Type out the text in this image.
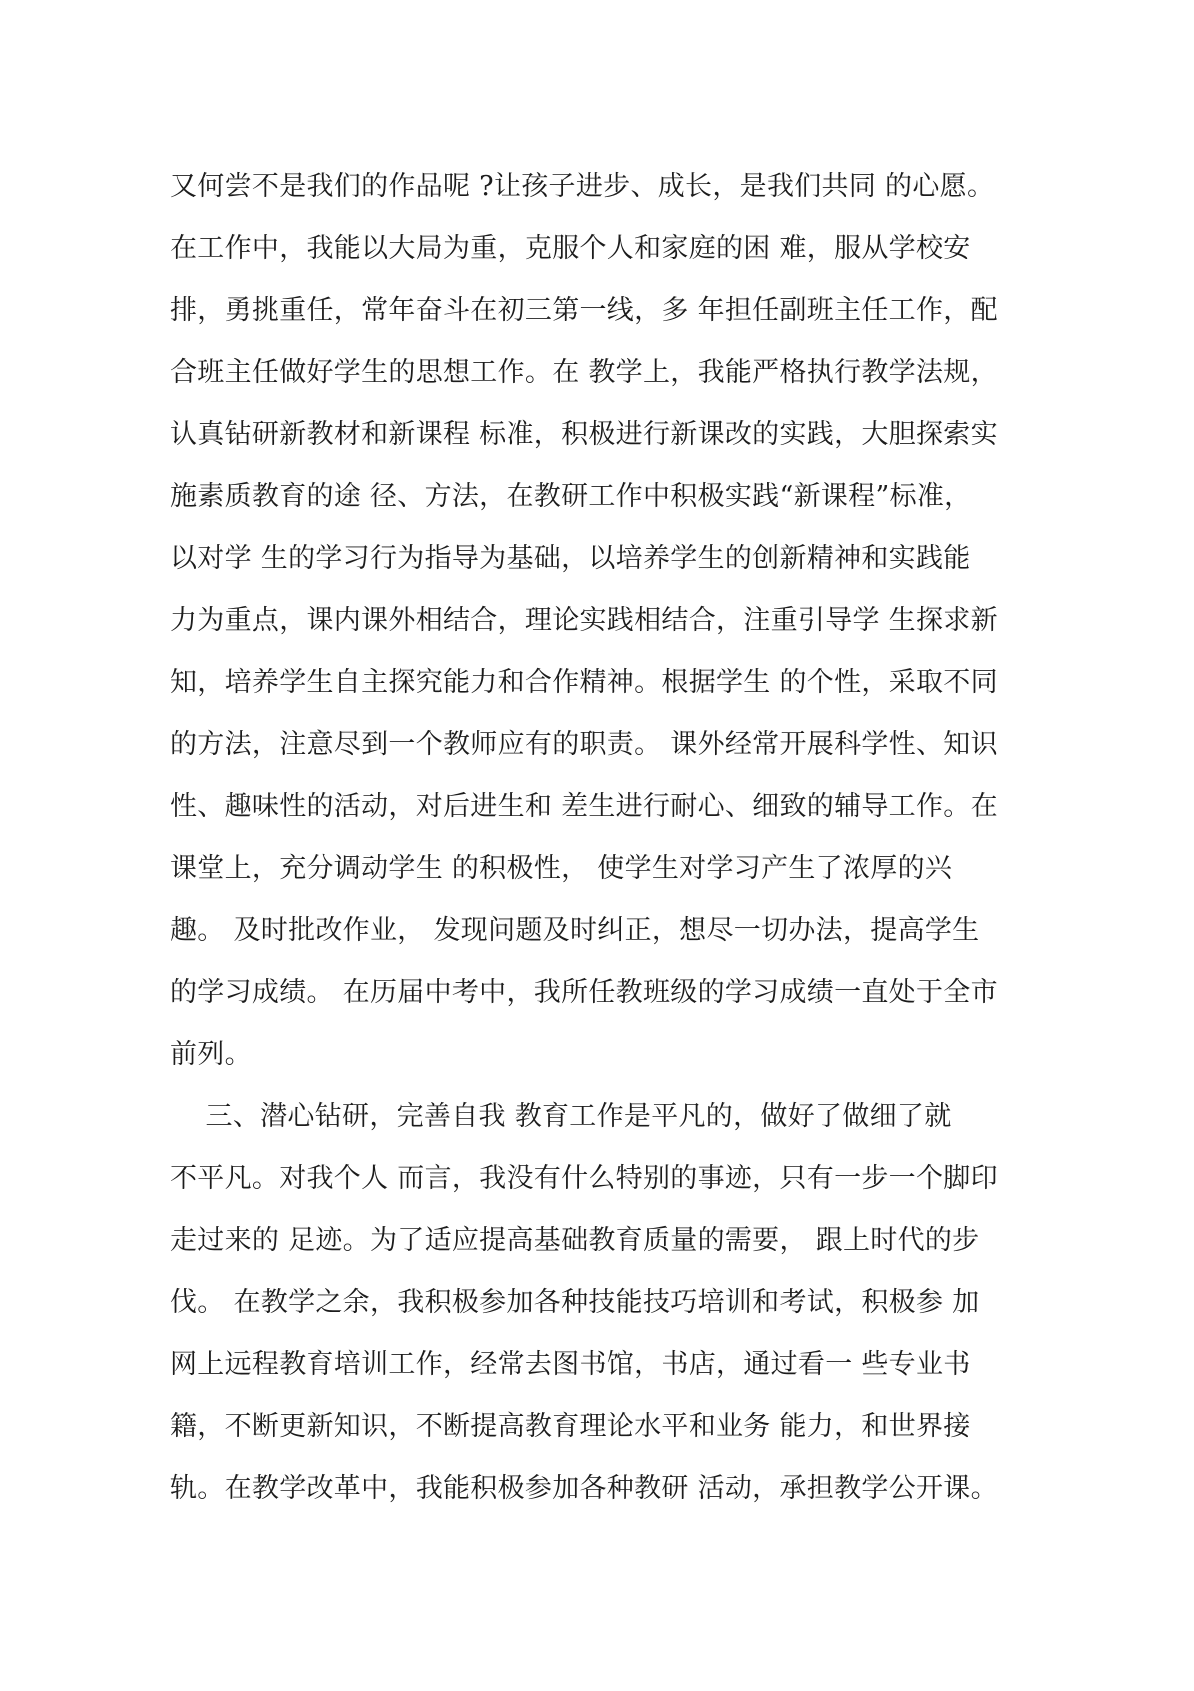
又何尝不是我们的作品呢 ?让孩子进步、成长，是我们共同 的心愿。
在工作中，我能以大局为重，克服个人和家庭的困 难，服从学校安
排，勇挑重任，常年奋斗在初三第一线，多 年担任副班主任工作，配
合班主任做好学生的思想工作。在 教学上，我能严格执行教学法规，
认真钻研新教材和新课程 标准，积极进行新课改的实践，大胆探索实
施素质教育的途 径、方法，在教研工作中积极实践“新课程”标准，
以对学 生的学习行为指导为基础，以培养学生的创新精神和实践能
力为重点，课内课外相结合，理论实践相结合，注重引导学 生探求新
知，培养学生自主探究能力和合作精神。根据学生 的个性，采取不同
的方法，注意尽到一个教师应有的职责。 课外经常开展科学性、知识
性、趣味性的活动，对后进生和 差生进行耐心、细致的辅导工作。在
课堂上，充分调动学生 的积极性， 使学生对学习产生了浓厚的兴
趣。 及时批改作业， 发现问题及时纠正，想尽一切办法，提高学生
的学习成绩。 在历届中考中，我所任教班级的学习成绩一直处于全市
前列。
三、潜心钻研，完善自我 教育工作是平凡的，做好了做细了就
不平凡。对我个人 而言，我没有什么特别的事迹，只有一步一个脚印
走过来的 足迹。为了适应提高基础教育质量的需要， 跟上时代的步
伐。 在教学之余，我积极参加各种技能技巧培训和考试，积极参 加
网上远程教育培训工作，经常去图书馆，书店，通过看一 些专业书
籍，不断更新知识，不断提高教育理论水平和业务 能力，和世界接
轨。在教学改革中，我能积极参加各种教研 活动，承担教学公开课。
